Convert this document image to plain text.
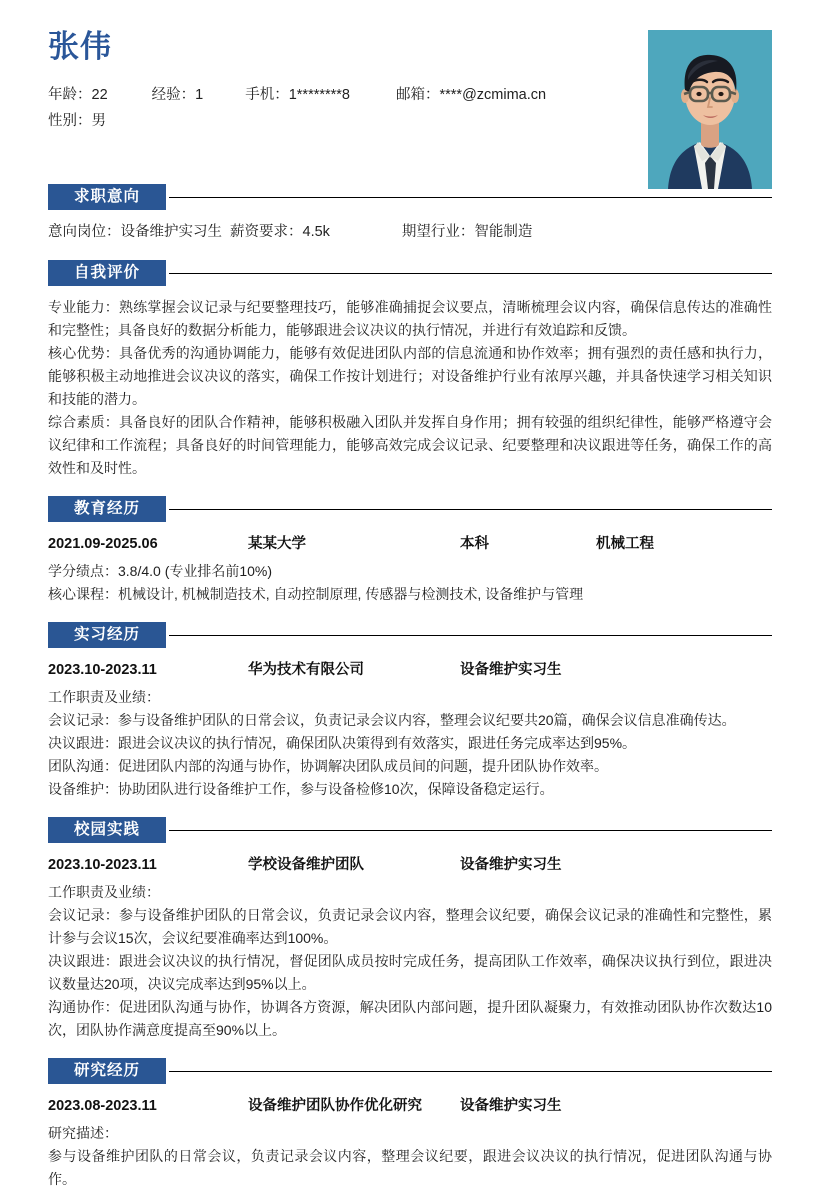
张伟
年龄：22	经验：1	手机：1********8	邮箱：****@zcmima.cn
性别：男
求职意向
意向岗位：设备维护实习生 薪资要求：4.5k	期望行业：智能制造
自我评价

专业能力：熟练掌握会议记录与纪要整理技巧，能够准确捕捉会议要点，清晰梳理会议内容，确保信息传达的准确性和完整性；具备良好的数据分析能力，能够跟进会议决议的执行情况，并进行有效追踪和反馈。

核心优势：具备优秀的沟通协调能力，能够有效促进团队内部的信息流通和协作效率；拥有强烈的责任感和执行力，能够积极主动地推进会议决议的落实，确保工作按计划进行；对设备维护行业有浓厚兴趣，并具备快速学习相关知识和技能的潜力。

综合素质：具备良好的团队合作精神，能够积极融入团队并发挥自身作用；拥有较强的组织纪律性，能够严格遵守会议纪律和工作流程；具备良好的时间管理能力，能够高效完成会议记录、纪要整理和决议跟进等任务，确保工作的高效性和及时性。

教育经历
2021.09-2025.06	某某大学	本科	机械工程
学分绩点：3.8/4.0 (专业排名前10%)
核心课程：机械设计, 机械制造技术, 自动控制原理, 传感器与检测技术, 设备维护与管理
实习经历
2023.10-2023.11	华为技术有限公司	设备维护实习生
工作职责及业绩：
会议记录：参与设备维护团队的日常会议，负责记录会议内容，整理会议纪要共20篇，确保会议信息准确传达。
决议跟进：跟进会议决议的执行情况，确保团队决策得到有效落实，跟进任务完成率达到95%。
团队沟通：促进团队内部的沟通与协作，协调解决团队成员间的问题，提升团队协作效率。
设备维护：协助团队进行设备维护工作，参与设备检修10次，保障设备稳定运行。
校园实践
2023.10-2023.11	学校设备维护团队	设备维护实习生
工作职责及业绩：
会议记录：参与设备维护团队的日常会议，负责记录会议内容，整理会议纪要，确保会议记录的准确性和完整性，累计参与会议15次，会议纪要准确率达到100%。
决议跟进：跟进会议决议的执行情况，督促团队成员按时完成任务，提高团队工作效率，确保决议执行到位，跟进决议数量达20项，决议完成率达到95%以上。
沟通协作：促进团队沟通与协作，协调各方资源，解决团队内部问题，提升团队凝聚力，有效推动团队协作次数达10次，团队协作满意度提高至90%以上。
研究经历
2023.08-2023.11	设备维护团队协作优化研究	设备维护实习生
研究描述：
参与设备维护团队的日常会议，负责记录会议内容，整理会议纪要，跟进会议决议的执行情况，促进团队沟通与协作。
